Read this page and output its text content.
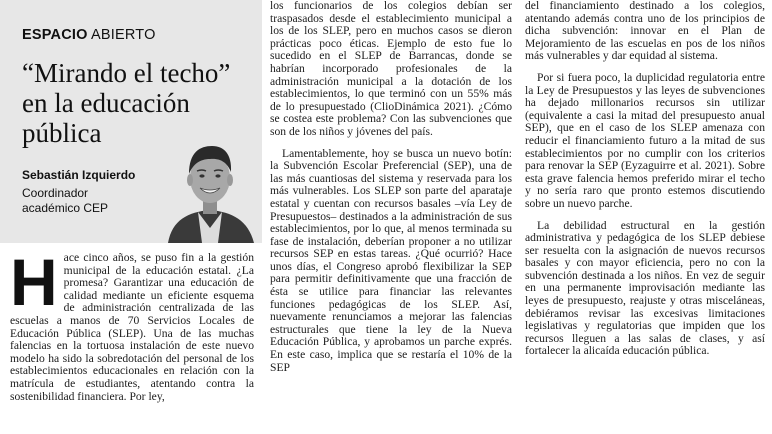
ESPACIO ABIERTO
“Mirando el techo”
en la educación
pública
Sebastián Izquierdo
Coordinador
académico CEP

Hace cinco años, se puso fin a la gestión municipal de la educación estatal. ¿La promesa? Garantizar una educación de calidad mediante un eficiente esquema de administración centralizada de las escuelas a manos de 70 Servicios Locales de Educación Pública (SLEP). Una de las muchas falencias en la tortuosa instalación de este nuevo modelo ha sido la sobredotación del personal de los establecimientos educacionales en relación con la matrícula de estudiantes, atentando contra la sostenibilidad financiera. Por ley,

los funcionarios de los colegios debían ser traspasados desde el establecimiento municipal a los de los SLEP, pero en muchos casos se dieron prácticas poco éticas. Ejemplo de esto fue lo sucedido en el SLEP de Barrancas, donde se habrían incorporado profesionales de la administración municipal a la dotación de los establecimientos, lo que terminó con un 55% más de lo presupuestado (ClioDinámica 2021). ¿Cómo se costea este problema? Con las subvenciones que son de los niños y jóvenes del país.

Lamentablemente, hoy se busca un nuevo botín: la Subvención Escolar Preferencial (SEP), una de las más cuantiosas del sistema y reservada para los más vulnerables. Los SLEP son parte del aparataje estatal y cuentan con recursos basales –vía Ley de Presupuestos– destinados a la administración de sus establecimientos, por lo que, al menos terminada su fase de instalación, deberían proponer a no utilizar recursos SEP en estas tareas. ¿Qué ocurrió? Hace unos días, el Congreso aprobó flexibilizar la SEP para permitir definitivamente que una fracción de ésta se utilice para financiar las relevantes funciones pedagógicas de los SLEP. Así, nuevamente renunciamos a mejorar las falencias estructurales que tiene la ley de la Nueva Educación Pública, y aprobamos un parche exprés. En este caso, implica que se restaría el 10% de la SEP

del financiamiento destinado a los colegios, atentando además contra uno de los principios de dicha subvención: innovar en el Plan de Mejoramiento de las escuelas en pos de los niños más vulnerables y dar equidad al sistema.

Por si fuera poco, la duplicidad regulatoria entre la Ley de Presupuestos y las leyes de subvenciones ha dejado millonarios recursos sin utilizar (equivalente a casi la mitad del presupuesto anual SEP), que en el caso de los SLEP amenaza con reducir el financiamiento futuro a la mitad de sus establecimientos por no cumplir con los criterios para renovar la SEP (Eyzaguirre et al. 2021). Sobre esta grave falencia hemos preferido mirar el techo y no sería raro que pronto estemos discutiendo sobre un nuevo parche.

La debilidad estructural en la gestión administrativa y pedagógica de los SLEP debiese ser resuelta con la asignación de nuevos recursos basales y con mayor eficiencia, pero no con la subvención destinada a los niños. En vez de seguir en una permanente improvisación mediante las leyes de presupuesto, reajuste y otras misceláneas, debiéramos revisar las excesivas limitaciones legislativas y regulatorias que impiden que los recursos lleguen a las salas de clases, y así fortalecer la alicaída educación pública.
